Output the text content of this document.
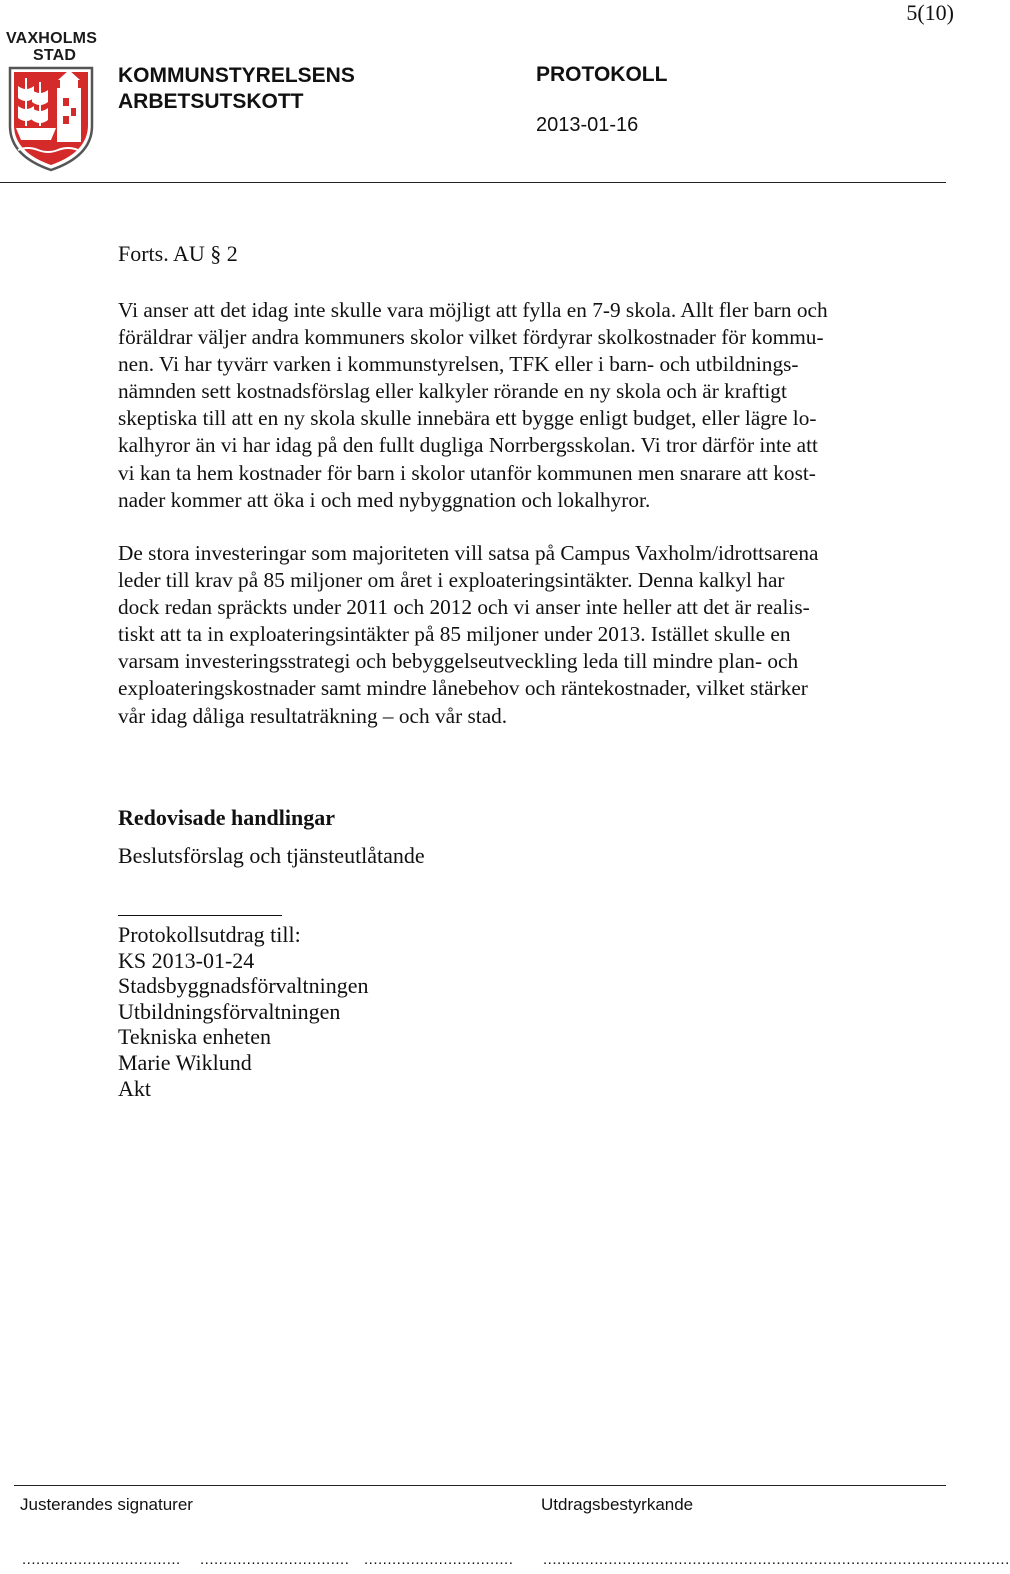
5(10)
VAXHOLMS
STAD
KOMMUNSTYRELSENS
ARBETSUTSKOTT
PROTOKOLL
2013-01-16
Forts. AU § 2

Vi anser att det idag inte skulle vara möjligt att fylla en 7-9 skola. Allt fler barn och
föräldrar väljer andra kommuners skolor vilket fördyrar skolkostnader för kommu-
nen. Vi har tyvärr varken i kommunstyrelsen, TFK eller i barn- och utbildnings-
nämnden sett kostnadsförslag eller kalkyler rörande en ny skola och är kraftigt
skeptiska till att en ny skola skulle innebära ett bygge enligt budget, eller lägre lo-
kalhyror än vi har idag på den fullt dugliga Norrbergsskolan. Vi tror därför inte att
vi kan ta hem kostnader för barn i skolor utanför kommunen men snarare att kost-
nader kommer att öka i och med nybyggnation och lokalhyror.

De stora investeringar som majoriteten vill satsa på Campus Vaxholm/idrottsarena
leder till krav på 85 miljoner om året i exploateringsintäkter. Denna kalkyl har
dock redan spräckts under 2011 och 2012 och vi anser inte heller att det är realis-
tiskt att ta in exploateringsintäkter på 85 miljoner under 2013. Istället skulle en
varsam investeringsstrategi och bebyggelseutveckling leda till mindre plan- och
exploateringskostnader samt mindre lånebehov och räntekostnader, vilket stärker
vår idag dåliga resultaträkning – och vår stad.

Redovisade handlingar
Beslutsförslag och tjänsteutlåtande
Protokollsutdrag till:
KS 2013-01-24
Stadsbyggnadsförvaltningen
Utbildningsförvaltningen
Tekniska enheten
Marie Wiklund
Akt
Justerandes signaturer	Utdragsbestyrkande
.................................. ................................ ................................ ....................................................................................................
